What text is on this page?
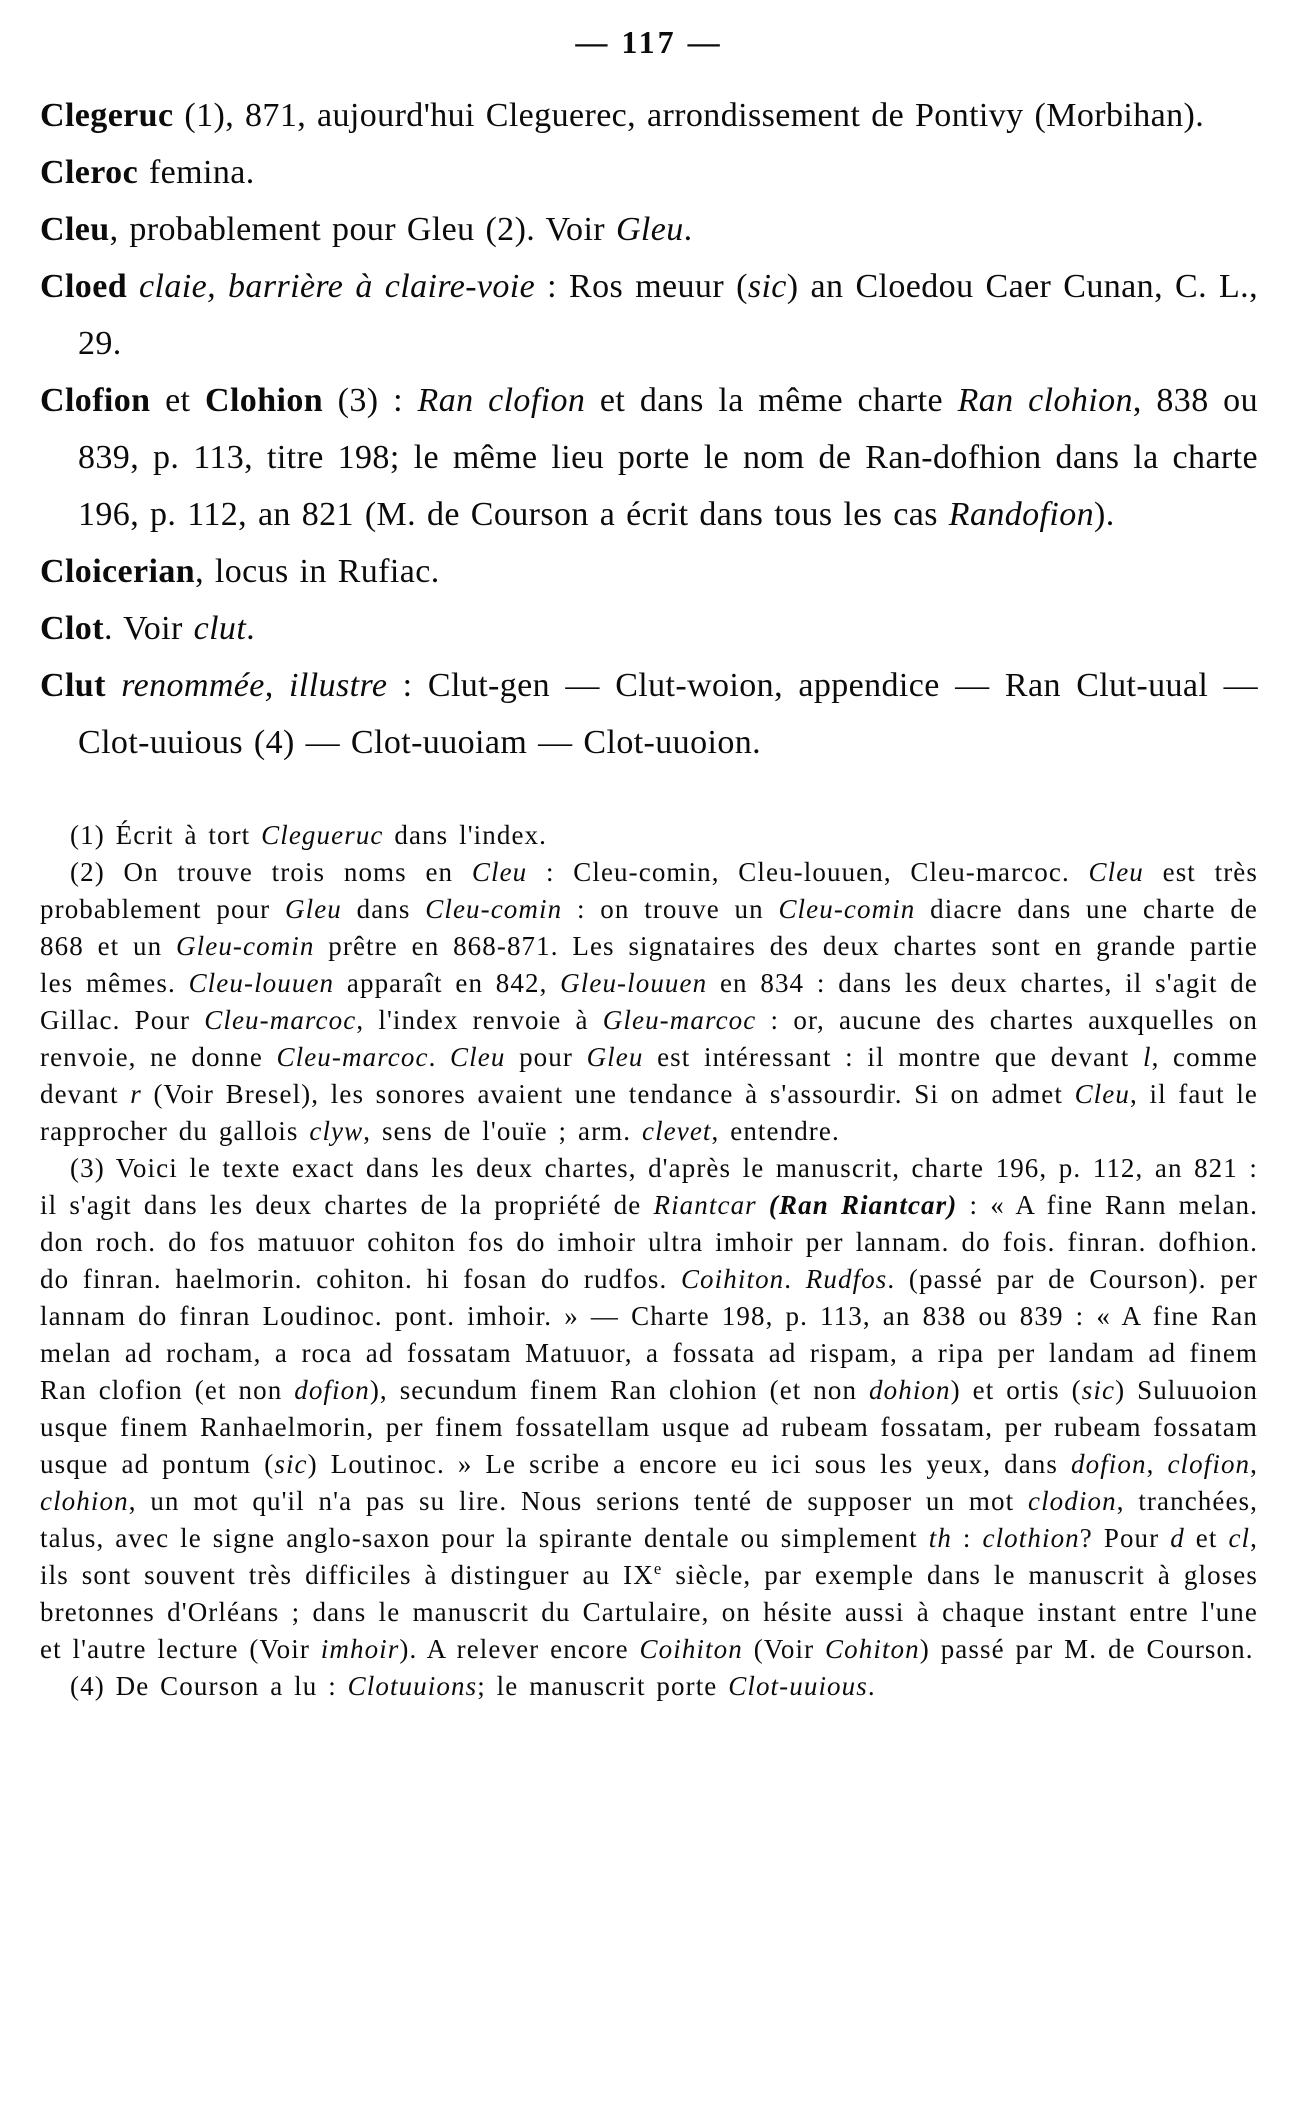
— 117 —

Clegeruc (1), 871, aujourd'hui Cleguerec, arrondissement de Pontivy (Morbihan).

Cleroc femina.

Cleu, probablement pour Gleu (2). Voir Gleu.

Cloed claie, barrière à claire-voie : Ros meuur (sic) an Cloedou Caer Cunan, C. L., 29.

Clofion et Clohion (3) : Ran clofion et dans la même charte Ran clohion, 838 ou 839, p. 113, titre 198; le même lieu porte le nom de Ran-dofhion dans la charte 196, p. 112, an 821 (M. de Courson a écrit dans tous les cas Randofion).

Cloicerian, locus in Rufiac.

Clot. Voir clut.

Clut renommée, illustre : Clut-gen — Clut-woion, appendice — Ran Clut-uual — Clot-uuious (4) — Clot-uuoiam — Clot-uuoion.

(1) Écrit à tort Clegueruc dans l'index.

(2) On trouve trois noms en Cleu : Cleu-comin, Cleu-louuen, Cleu-marcoc. Cleu est très probablement pour Gleu dans Cleu-comin : on trouve un Cleu-comin diacre dans une charte de 868 et un Gleu-comin prêtre en 868-871. Les signataires des deux chartes sont en grande partie les mêmes. Cleu-louuen apparaît en 842, Gleu-louuen en 834 : dans les deux chartes, il s'agit de Gillac. Pour Cleu-marcoc, l'index renvoie à Gleu-marcoc : or, aucune des chartes auxquelles on renvoie, ne donne Cleu-marcoc. Cleu pour Gleu est intéressant : il montre que devant l, comme devant r (Voir Bresel), les sonores avaient une tendance à s'assourdir. Si on admet Cleu, il faut le rapprocher du gallois clyw, sens de l'ouïe ; arm. clevet, entendre.

(3) Voici le texte exact dans les deux chartes, d'après le manuscrit, charte 196, p. 112, an 821 : il s'agit dans les deux chartes de la propriété de Riantcar (Ran Riantcar) : « A fine Rann melan. don roch. do fos matuuor cohiton fos do imhoir ultra imhoir per lannam. do fois. finran. dofhion. do finran. haelmorin. cohiton. hi fosan do rudfos. Coihiton. Rudfos. (passé par de Courson). per lannam do finran Loudinoc. pont. imhoir. » — Charte 198, p. 113, an 838 ou 839 : « A fine Ran melan ad rocham, a roca ad fossatam Matuuor, a fossata ad rispam, a ripa per landam ad finem Ran clofion (et non dofion), secundum finem Ran clohion (et non dohion) et ortis (sic) Suluuoion usque finem Ranhaelmorin, per finem fossatellam usque ad rubeam fossatam, per rubeam fossatam usque ad pontum (sic) Loutinoc. » Le scribe a encore eu ici sous les yeux, dans dofion, clofion, clohion, un mot qu'il n'a pas su lire. Nous serions tenté de supposer un mot clodion, tranchées, talus, avec le signe anglo-saxon pour la spirante dentale ou simplement th : clothion? Pour d et cl, ils sont souvent très difficiles à distinguer au IXe siècle, par exemple dans le manuscrit à gloses bretonnes d'Orléans ; dans le manuscrit du Cartulaire, on hésite aussi à chaque instant entre l'une et l'autre lecture (Voir imhoir). A relever encore Coihiton (Voir Cohiton) passé par M. de Courson.

(4) De Courson a lu : Clotuuions; le manuscrit porte Clot-uuious.
